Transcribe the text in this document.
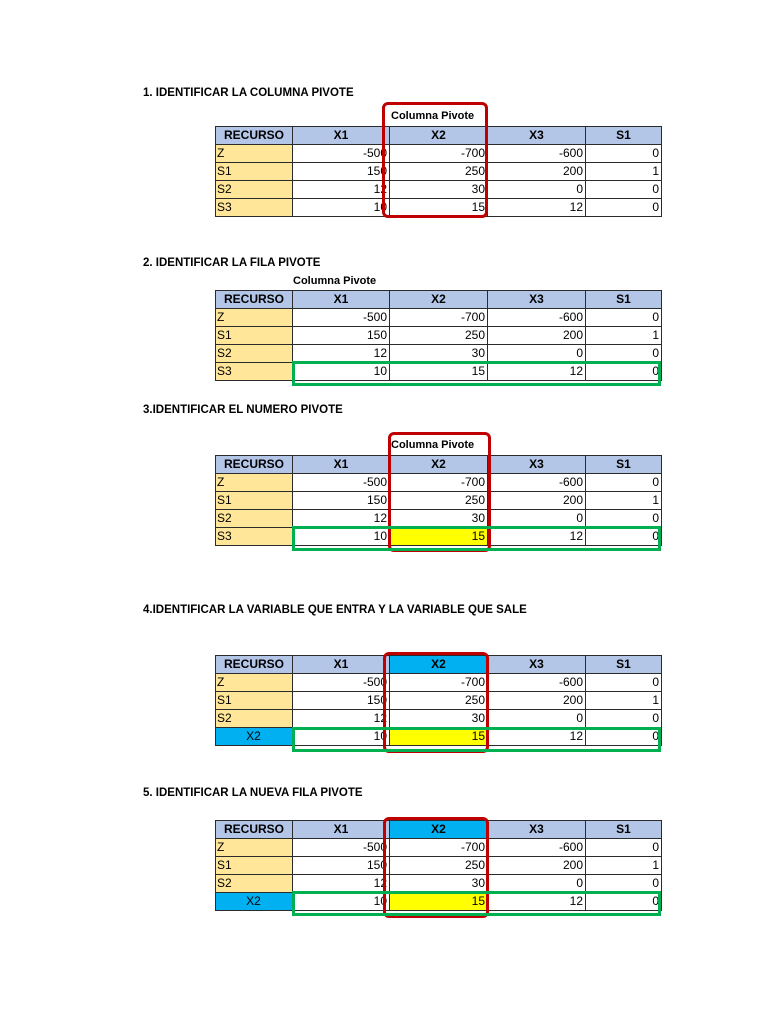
1. IDENTIFICAR LA COLUMNA PIVOTE
Columna Pivote
RECURSO	X1	X2	X3	S1
Z	-500	-700	-600	0
S1	150	250	200	1
S2	12	30	0	0
S3	10	15	12	0
2. IDENTIFICAR LA FILA PIVOTE
Columna Pivote
RECURSO	X1	X2	X3	S1
Z	-500	-700	-600	0
S1	150	250	200	1
S2	12	30	0	0
S3	10	15	12	0
3.IDENTIFICAR EL NUMERO PIVOTE
Columna Pivote
RECURSO	X1	X2	X3	S1
Z	-500	-700	-600	0
S1	150	250	200	1
S2	12	30	0	0
S3	10	15	12	0
4.IDENTIFICAR LA VARIABLE QUE ENTRA Y LA VARIABLE QUE SALE
RECURSO	X1	X2	X3	S1
Z	-500	-700	-600	0
S1	150	250	200	1
S2	12	30	0	0
X2	10	15	12	0
5. IDENTIFICAR LA NUEVA FILA PIVOTE
RECURSO	X1	X2	X3	S1
Z	-500	-700	-600	0
S1	150	250	200	1
S2	12	30	0	0
X2	10	15	12	0
